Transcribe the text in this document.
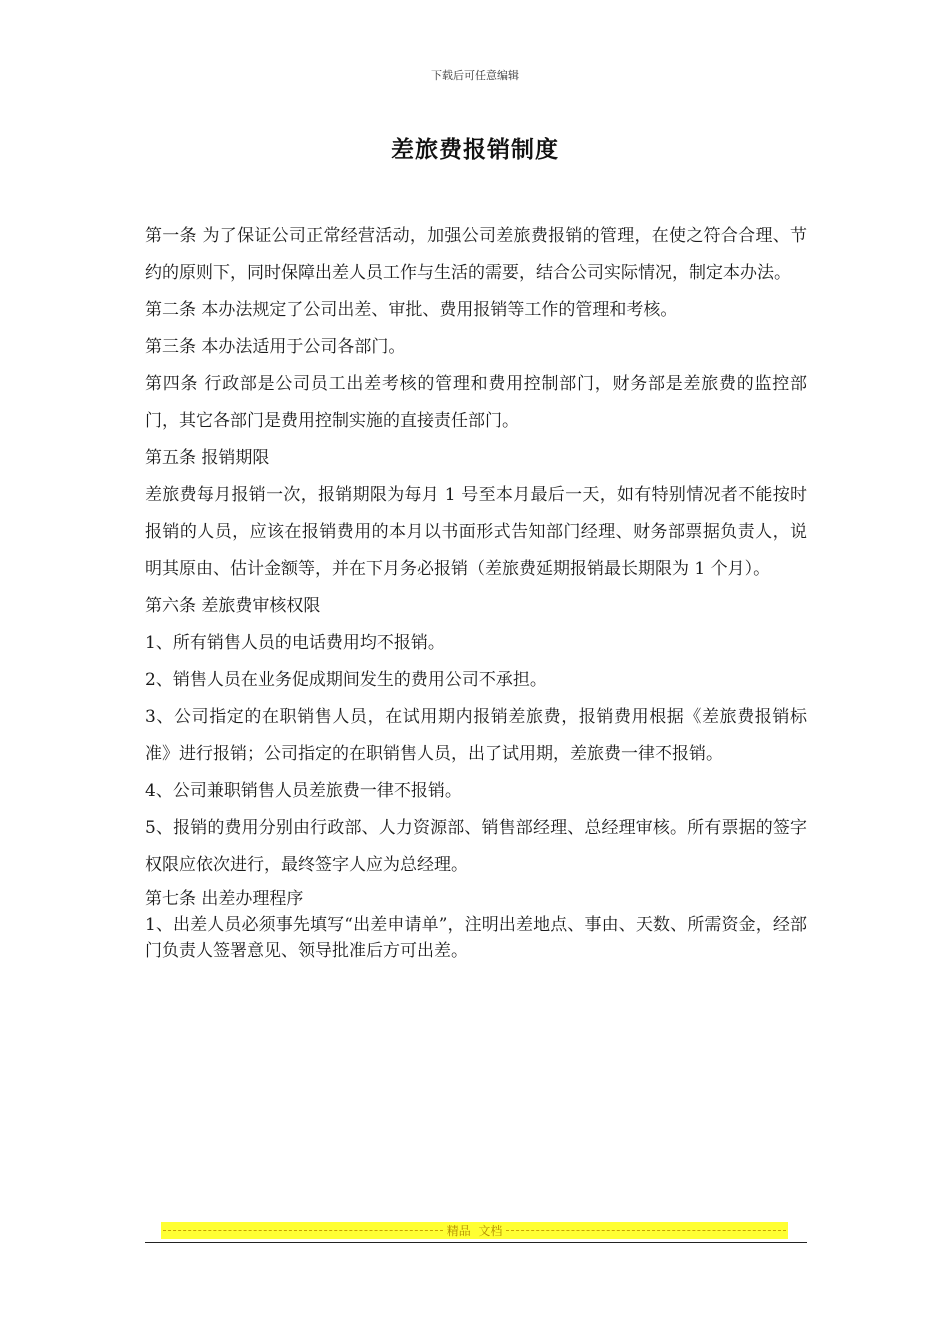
下载后可任意编辑
差旅费报销制度

第一条 为了保证公司正常经营活动，加强公司差旅费报销的管理，在使之符合合理、节约的原则下，同时保障出差人员工作与生活的需要，结合公司实际情况，制定本办法。

第二条 本办法规定了公司出差、审批、费用报销等工作的管理和考核。

第三条 本办法适用于公司各部门。

第四条 行政部是公司员工出差考核的管理和费用控制部门，财务部是差旅费的监控部门，其它各部门是费用控制实施的直接责任部门。

第五条 报销期限

差旅费每月报销一次，报销期限为每月 1 号至本月最后一天，如有特别情况者不能按时报销的人员，应该在报销费用的本月以书面形式告知部门经理、财务部票据负责人，说明其原由、估计金额等，并在下月务必报销（差旅费延期报销最长期限为 1 个月）。

第六条 差旅费审核权限

1、所有销售人员的电话费用均不报销。

2、销售人员在业务促成期间发生的费用公司不承担。

3、公司指定的在职销售人员，在试用期内报销差旅费，报销费用根据《差旅费报销标准》进行报销；公司指定的在职销售人员，出了试用期，差旅费一律不报销。

4、公司兼职销售人员差旅费一律不报销。

5、报销的费用分别由行政部、人力资源部、销售部经理、总经理审核。所有票据的签字权限应依次进行，最终签字人应为总经理。

第七条 出差办理程序

1、出差人员必须事先填写“出差申请单”，注明出差地点、事由、天数、所需资金，经部门负责人签署意见、领导批准后方可出差。

精品  文档
